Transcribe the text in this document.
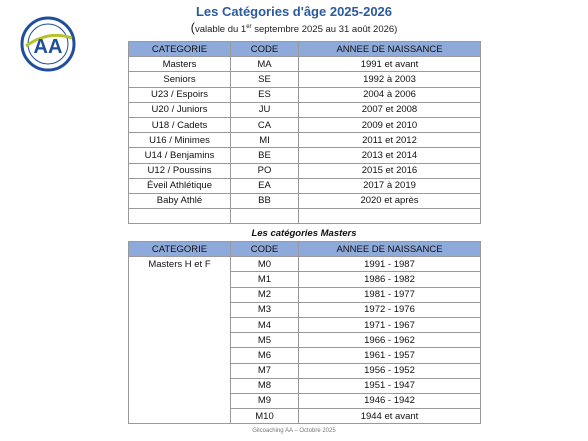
AA
Les Catégories d'âge 2025-2026
(valable du 1er septembre 2025 au 31 août 2026)
CATEGORIE	CODE	ANNEE DE NAISSANCE
Masters	MA	1991 et avant
Seniors	SE	1992 à 2003
U23 / Espoirs	ES	2004 à 2006
U20 / Juniors	JU	2007 et 2008
U18 / Cadets	CA	2009 et 2010
U16 / Minimes	MI	2011 et 2012
U14 / Benjamins	BE	2013 et 2014
U12 / Poussins	PO	2015 et 2016
Éveil Athlétique	EA	2017 à 2019
Baby Athlé	BB	2020 et après

Les catégories Masters
CATEGORIE	CODE	ANNEE DE NAISSANCE
Masters H et F	M0	1991 - 1987
	M1	1986 - 1982
	M2	1981 - 1977
	M3	1972 - 1976
	M4	1971 - 1967
	M5	1966 - 1962
	M6	1961 - 1957
	M7	1956 - 1952
	M8	1951 - 1947
	M9	1946 - 1942
	M10	1944 et avant
Gilcoaching AA – Octobre 2025
